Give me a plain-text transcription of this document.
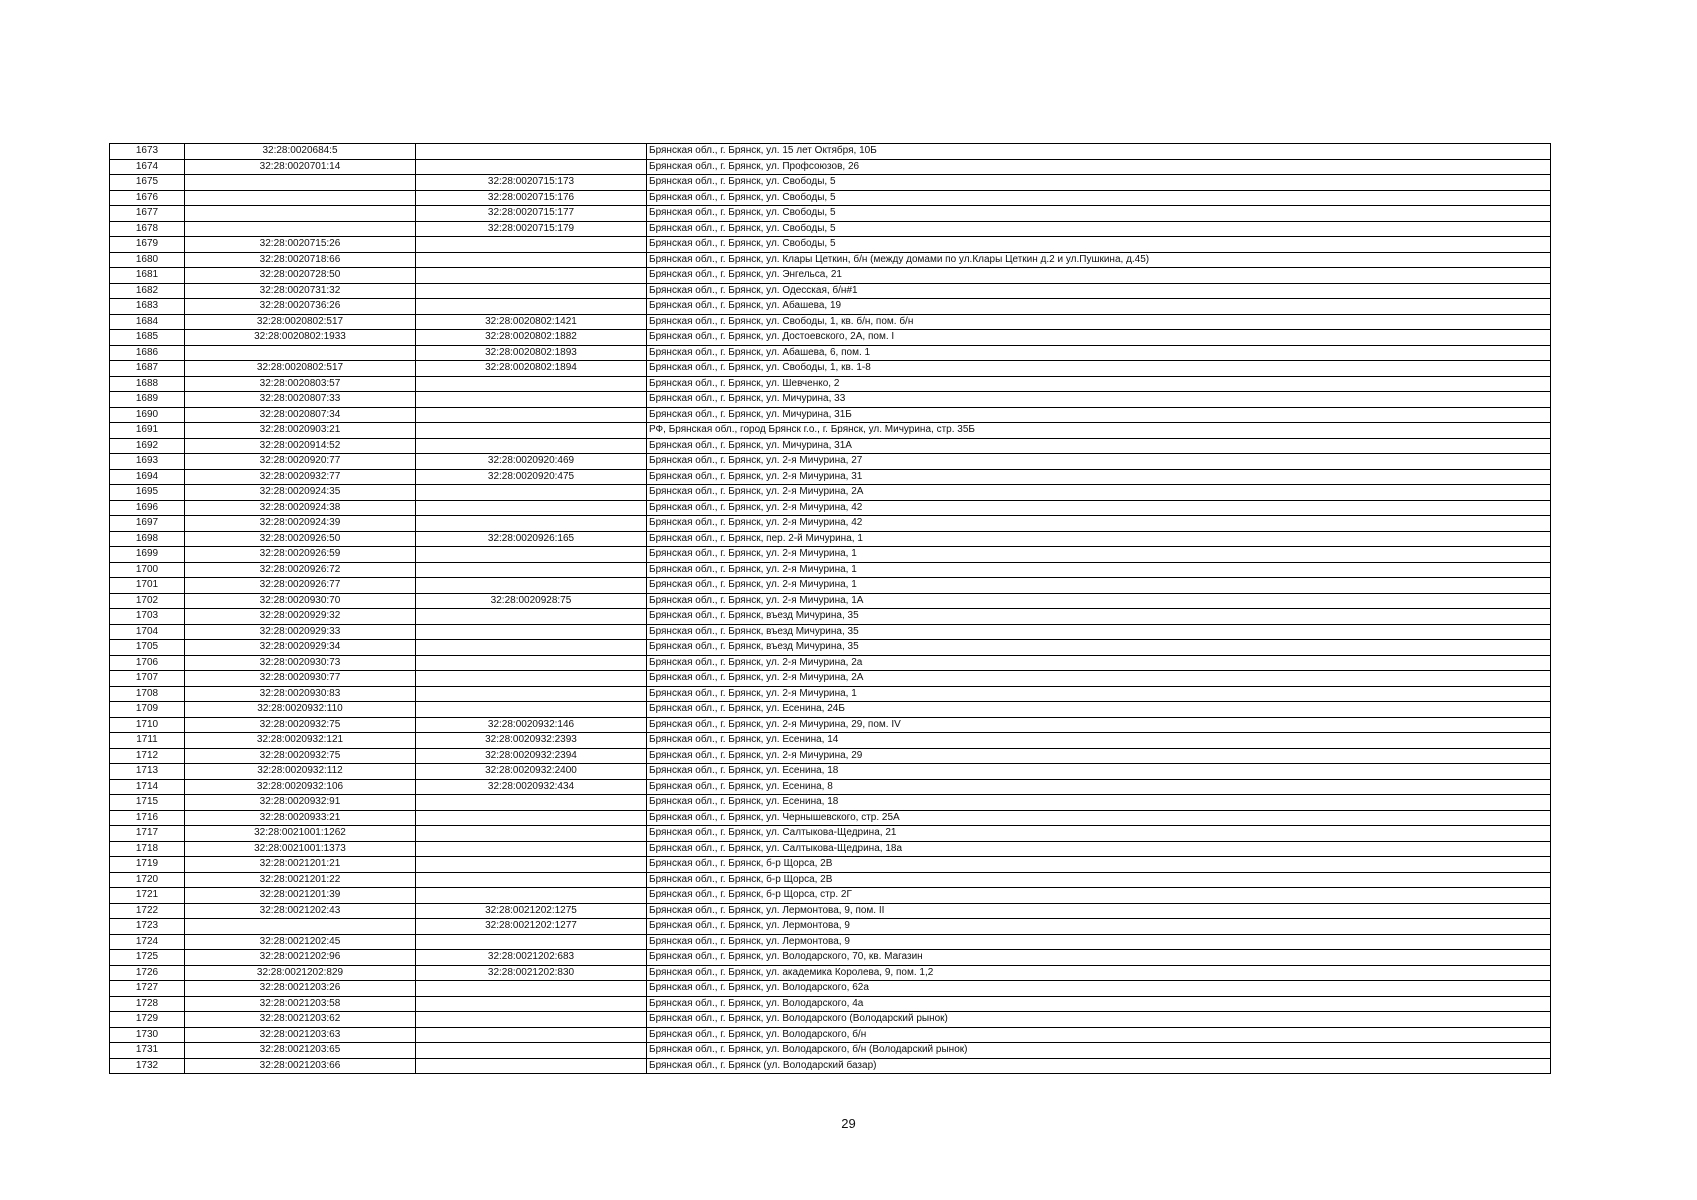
1673	32:28:0020684:5		Брянская обл., г. Брянск, ул. 15 лет Октября, 10Б
1674	32:28:0020701:14		Брянская обл., г. Брянск, ул. Профсоюзов, 26
1675		32:28:0020715:173	Брянская обл., г. Брянск, ул. Свободы, 5
1676		32:28:0020715:176	Брянская обл., г. Брянск, ул. Свободы, 5
1677		32:28:0020715:177	Брянская обл., г. Брянск, ул. Свободы, 5
1678		32:28:0020715:179	Брянская обл., г. Брянск, ул. Свободы, 5
1679	32:28:0020715:26		Брянская обл., г. Брянск, ул. Свободы, 5
1680	32:28:0020718:66		Брянская обл., г. Брянск, ул. Клары Цеткин, б/н (между домами по ул.Клары Цеткин д.2 и ул.Пушкина, д.45)
1681	32:28:0020728:50		Брянская обл., г. Брянск, ул. Энгельса, 21
1682	32:28:0020731:32		Брянская обл., г. Брянск, ул. Одесская, б/н#1
1683	32:28:0020736:26		Брянская обл., г. Брянск, ул. Абашева, 19
1684	32:28:0020802:517	32:28:0020802:1421	Брянская обл., г. Брянск, ул. Свободы, 1, кв. б/н, пом. б/н
1685	32:28:0020802:1933	32:28:0020802:1882	Брянская обл., г. Брянск, ул. Достоевского, 2А, пом. I
1686		32:28:0020802:1893	Брянская обл., г. Брянск, ул. Абашева, 6, пом. 1
1687	32:28:0020802:517	32:28:0020802:1894	Брянская обл., г. Брянск, ул. Свободы, 1, кв. 1-8
1688	32:28:0020803:57		Брянская обл., г. Брянск, ул. Шевченко, 2
1689	32:28:0020807:33		Брянская обл., г. Брянск, ул. Мичурина, 33
1690	32:28:0020807:34		Брянская обл., г. Брянск, ул. Мичурина, 31Б
1691	32:28:0020903:21		РФ, Брянская обл., город Брянск г.о., г. Брянск, ул. Мичурина, стр. 35Б
1692	32:28:0020914:52		Брянская обл., г. Брянск, ул. Мичурина, 31А
1693	32:28:0020920:77	32:28:0020920:469	Брянская обл., г. Брянск, ул. 2-я Мичурина, 27
1694	32:28:0020932:77	32:28:0020920:475	Брянская обл., г. Брянск, ул. 2-я Мичурина, 31
1695	32:28:0020924:35		Брянская обл., г. Брянск, ул. 2-я Мичурина, 2А
1696	32:28:0020924:38		Брянская обл., г. Брянск, ул. 2-я Мичурина, 42
1697	32:28:0020924:39		Брянская обл., г. Брянск, ул. 2-я Мичурина, 42
1698	32:28:0020926:50	32:28:0020926:165	Брянская обл., г. Брянск, пер. 2-й Мичурина, 1
1699	32:28:0020926:59		Брянская обл., г. Брянск, ул. 2-я Мичурина, 1
1700	32:28:0020926:72		Брянская обл., г. Брянск, ул. 2-я Мичурина, 1
1701	32:28:0020926:77		Брянская обл., г. Брянск, ул. 2-я Мичурина, 1
1702	32:28:0020930:70	32:28:0020928:75	Брянская обл., г. Брянск, ул. 2-я Мичурина, 1А
1703	32:28:0020929:32		Брянская обл., г. Брянск, въезд Мичурина, 35
1704	32:28:0020929:33		Брянская обл., г. Брянск, въезд Мичурина, 35
1705	32:28:0020929:34		Брянская обл., г. Брянск, въезд Мичурина, 35
1706	32:28:0020930:73		Брянская обл., г. Брянск, ул. 2-я Мичурина, 2а
1707	32:28:0020930:77		Брянская обл., г. Брянск, ул. 2-я Мичурина, 2А
1708	32:28:0020930:83		Брянская обл., г. Брянск, ул. 2-я Мичурина, 1
1709	32:28:0020932:110		Брянская обл., г. Брянск, ул. Есенина, 24Б
1710	32:28:0020932:75	32:28:0020932:146	Брянская обл., г. Брянск, ул. 2-я Мичурина, 29, пом. IV
1711	32:28:0020932:121	32:28:0020932:2393	Брянская обл., г. Брянск, ул. Есенина, 14
1712	32:28:0020932:75	32:28:0020932:2394	Брянская обл., г. Брянск, ул. 2-я Мичурина, 29
1713	32:28:0020932:112	32:28:0020932:2400	Брянская обл., г. Брянск, ул. Есенина, 18
1714	32:28:0020932:106	32:28:0020932:434	Брянская обл., г. Брянск, ул. Есенина, 8
1715	32:28:0020932:91		Брянская обл., г. Брянск, ул. Есенина, 18
1716	32:28:0020933:21		Брянская обл., г. Брянск, ул. Чернышевского, стр. 25А
1717	32:28:0021001:1262		Брянская обл., г. Брянск, ул. Салтыкова-Щедрина, 21
1718	32:28:0021001:1373		Брянская обл., г. Брянск, ул. Салтыкова-Щедрина, 18а
1719	32:28:0021201:21		Брянская обл., г. Брянск, б-р Щорса, 2В
1720	32:28:0021201:22		Брянская обл., г. Брянск, б-р Щорса, 2В
1721	32:28:0021201:39		Брянская обл., г. Брянск, б-р Щорса, стр. 2Г
1722	32:28:0021202:43	32:28:0021202:1275	Брянская обл., г. Брянск, ул. Лермонтова, 9, пом. II
1723		32:28:0021202:1277	Брянская обл., г. Брянск, ул. Лермонтова, 9
1724	32:28:0021202:45		Брянская обл., г. Брянск, ул. Лермонтова, 9
1725	32:28:0021202:96	32:28:0021202:683	Брянская обл., г. Брянск, ул. Володарского, 70, кв. Магазин
1726	32:28:0021202:829	32:28:0021202:830	Брянская обл., г. Брянск, ул. академика Королева, 9, пом. 1,2
1727	32:28:0021203:26		Брянская обл., г. Брянск, ул. Володарского, 62а
1728	32:28:0021203:58		Брянская обл., г. Брянск, ул. Володарского, 4а
1729	32:28:0021203:62		Брянская обл., г. Брянск, ул. Володарского (Володарский рынок)
1730	32:28:0021203:63		Брянская обл., г. Брянск, ул. Володарского, б/н
1731	32:28:0021203:65		Брянская обл., г. Брянск, ул. Володарского, б/н (Володарский рынок)
1732	32:28:0021203:66		Брянская обл., г. Брянск (ул. Володарский базар)
29
